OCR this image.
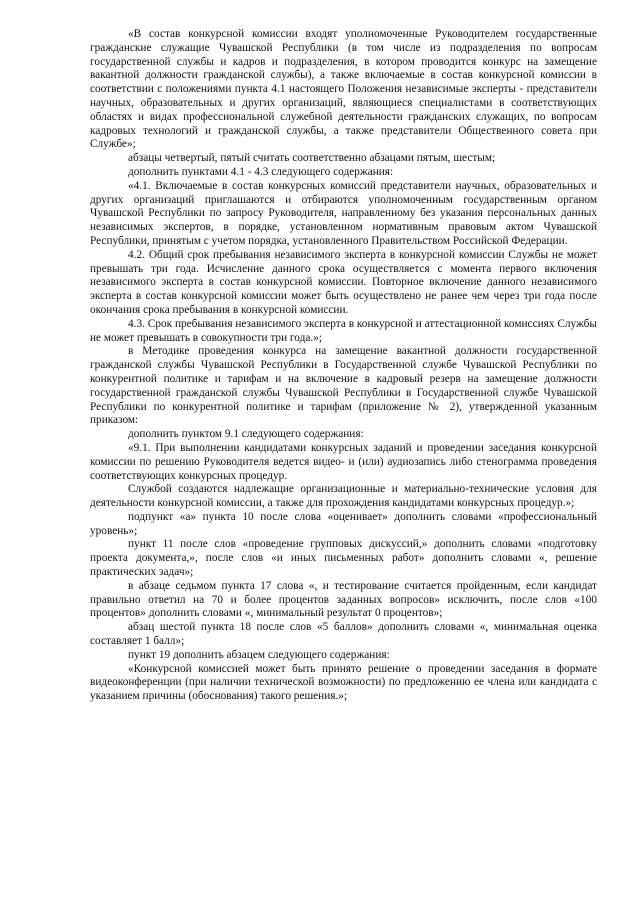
«В состав конкурсной комиссии входят уполномоченные Руководителем государственные гражданские служащие Чувашской Республики (в том числе из подразделения по вопросам государственной службы и кадров и подразделения, в котором проводится конкурс на замещение вакантной должности гражданской службы), а также включаемые в состав конкурсной комиссии в соответствии с положениями пункта 4.1 настоящего Положения независимые эксперты - представители научных, образовательных и других организаций, являющиеся специалистами в соответствующих областях и видах профессиональной служебной деятельности гражданских служащих, по вопросам кадровых технологий и гражданской службы, а также представители Общественного совета при Службе»;

абзацы четвертый, пятый считать соответственно абзацами пятым, шестым;

дополнить пунктами 4.1 - 4.3 следующего содержания:

«4.1. Включаемые в состав конкурсных комиссий представители научных, образовательных и других организаций приглашаются и отбираются уполномоченным государственным органом Чувашской Республики по запросу Руководителя, направленному без указания персональных данных независимых экспертов, в порядке, установленном нормативным правовым актом Чувашской Республики, принятым с учетом порядка, установленного Правительством Российской Федерации.

4.2. Общий срок пребывания независимого эксперта в конкурсной комиссии Службы не может превышать три года. Исчисление данного срока осуществляется с момента первого включения независимого эксперта в состав конкурсной комиссии. Повторное включение данного независимого эксперта в состав конкурсной комиссии может быть осуществлено не ранее чем через три года после окончания срока пребывания в конкурсной комиссии.

4.3. Срок пребывания независимого эксперта в конкурсной и аттестационной комиссиях Службы не может превышать в совокупности три года.»;

в Методике проведения конкурса на замещение вакантной должности государственной гражданской службы Чувашской Республики в Государственной службе Чувашской Республики по конкурентной политике и тарифам и на включение в кадровый резерв на замещение должности государственной гражданской службы Чувашской Республики в Государственной службе Чувашской Республики по конкурентной политике и тарифам (приложение № 2), утвержденной указанным приказом:

дополнить пунктом 9.1 следующего содержания:

«9.1. При выполнении кандидатами конкурсных заданий и проведении заседания конкурсной комиссии по решению Руководителя ведется видео- и (или) аудиозапись либо стенограмма проведения соответствующих конкурсных процедур.

Службой создаются надлежащие организационные и материально-технические условия для деятельности конкурсной комиссии, а также для прохождения кандидатами конкурсных процедур.»;

подпункт «а» пункта 10 после слова «оценивает» дополнить словами «профессиональный уровень»;

пункт 11 после слов «проведение групповых дискуссий,» дополнить словами «подготовку проекта документа,», после слов «и иных письменных работ» дополнить словами «, решение практических задач»;

в абзаце седьмом пункта 17 слова «, и тестирование считается пройденным, если кандидат правильно ответил на 70 и более процентов заданных вопросов» исключить, после слов «100 процентов» дополнить словами «, минимальный результат 0 процентов»;

абзац шестой пункта 18 после слов «5 баллов» дополнить словами «, минимальная оценка составляет 1 балл»;

пункт 19 дополнить абзацем следующего содержания:

«Конкурсной комиссией может быть принято решение о проведении заседания в формате видеоконференции (при наличии технической возможности) по предложению ее члена или кандидата с указанием причины (обоснования) такого решения.»;
